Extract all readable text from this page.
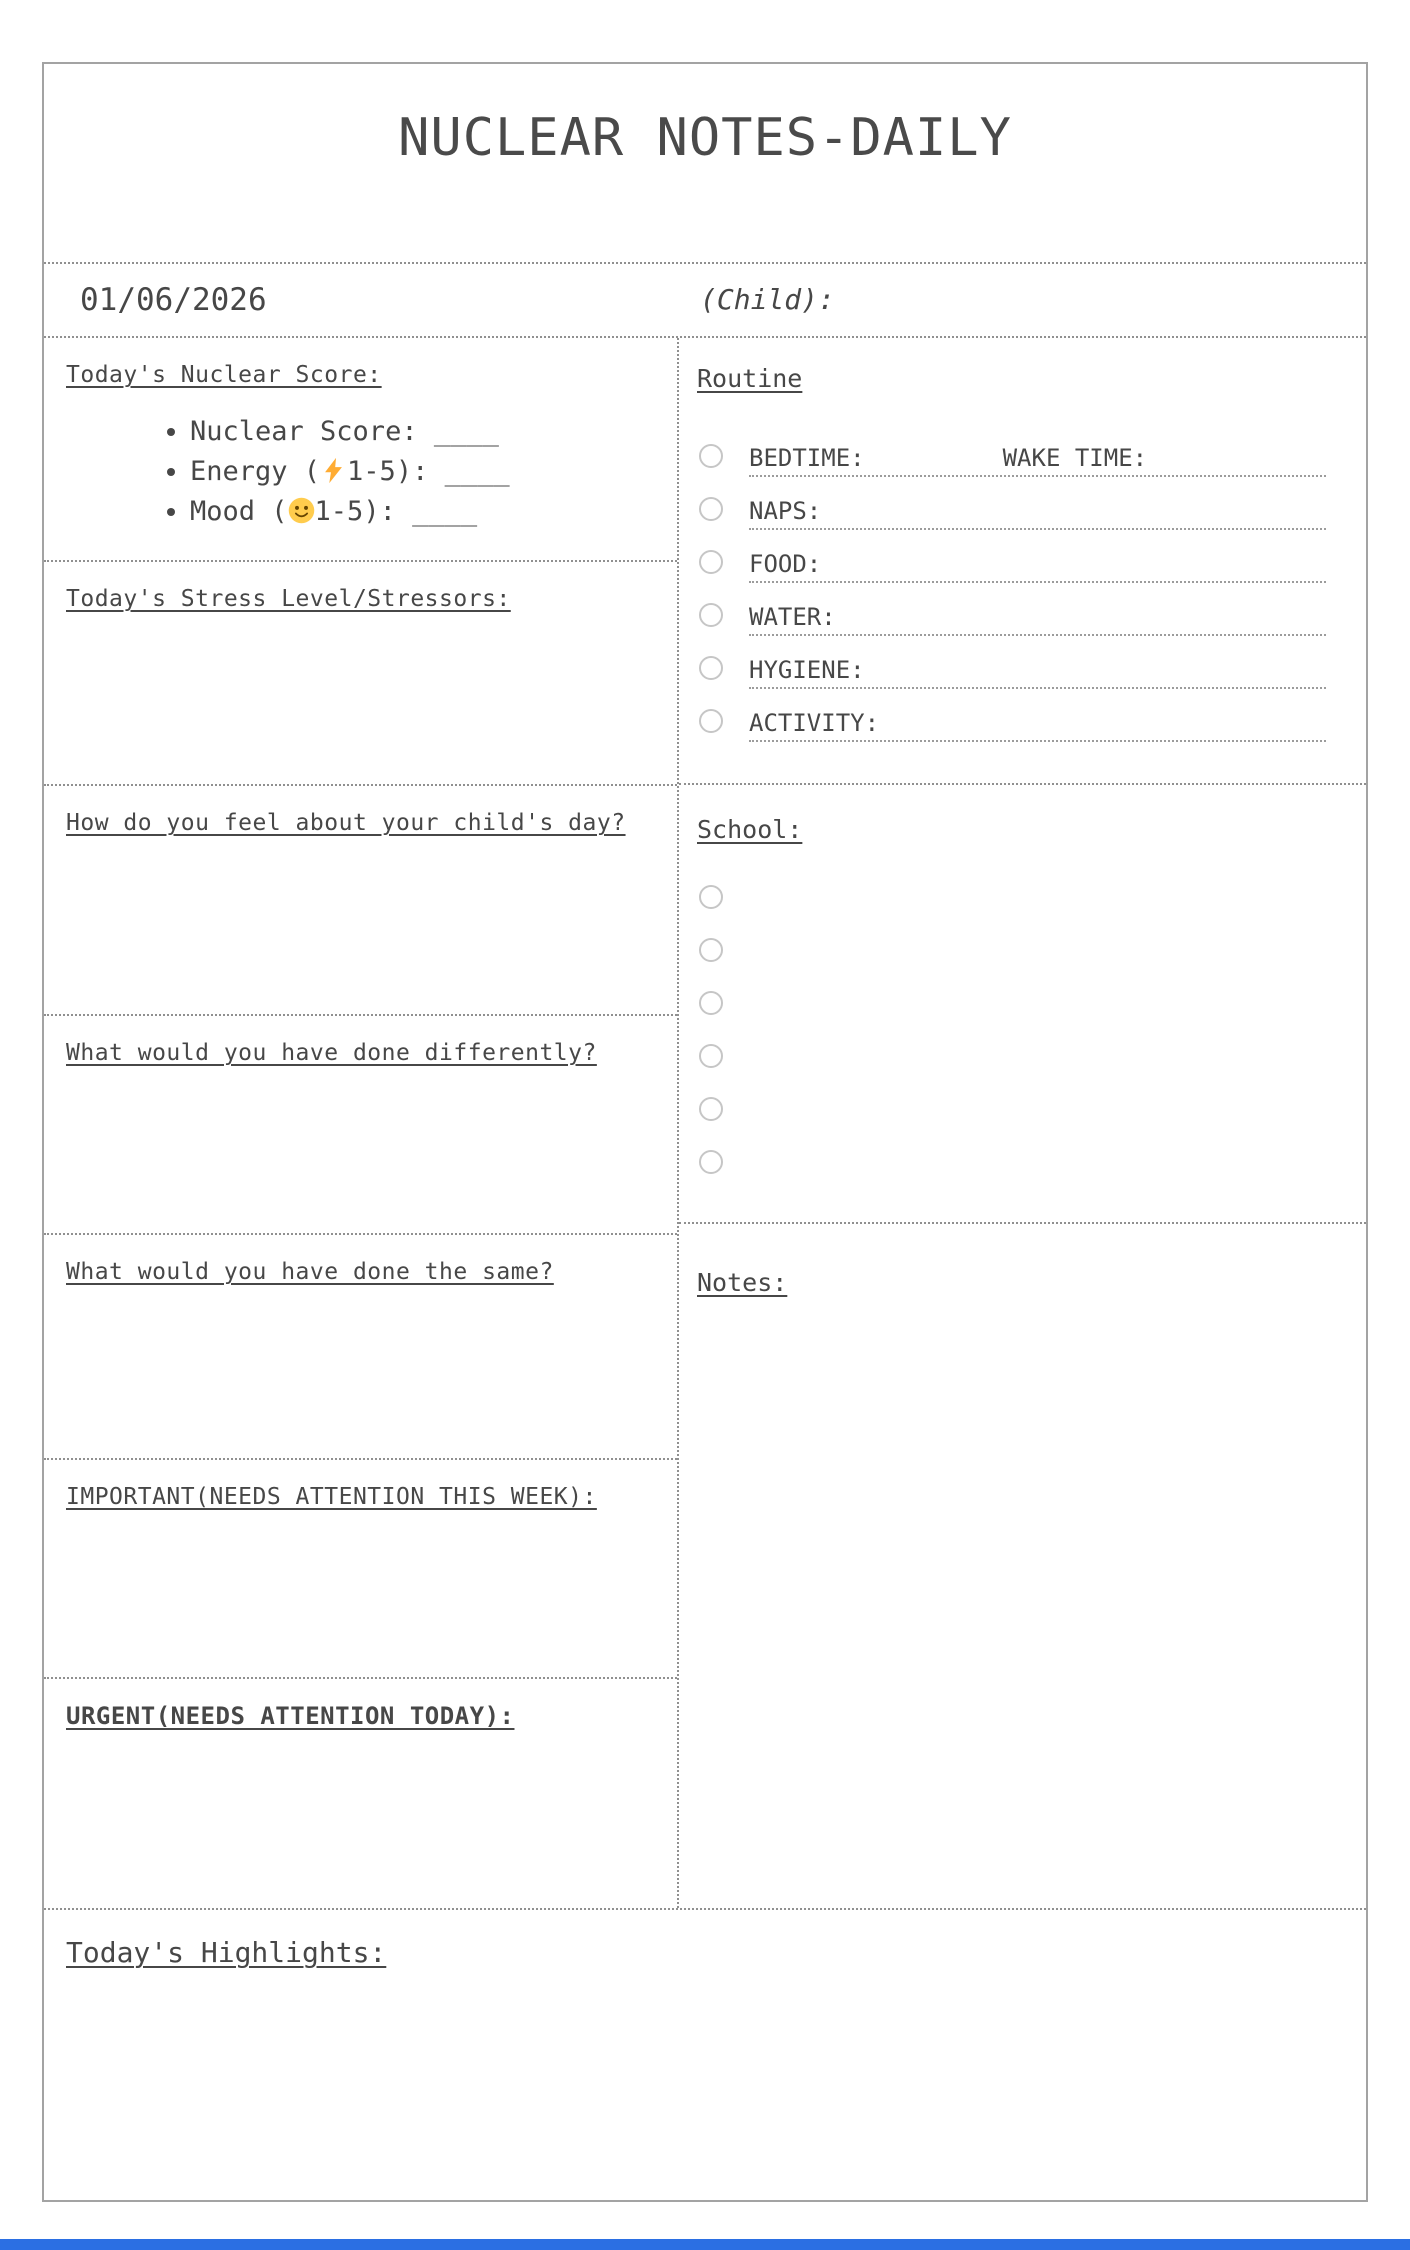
NUCLEAR NOTES-DAILY
01/06/2026	(Child):
Today's Nuclear Score:
• Nuclear Score: ____
• Energy ( 1-5): ____
• Mood ( 1-5): ____
Today's Stress Level/Stressors:
How do you feel about your child's day?
What would you have done differently?
What would you have done the same?
IMPORTANT(NEEDS ATTENTION THIS WEEK):
URGENT(NEEDS ATTENTION TODAY):
Routine
BEDTIME:	WAKE TIME:
NAPS:
FOOD:
WATER:
HYGIENE:
ACTIVITY:
School:
Notes:
Today's Highlights:
